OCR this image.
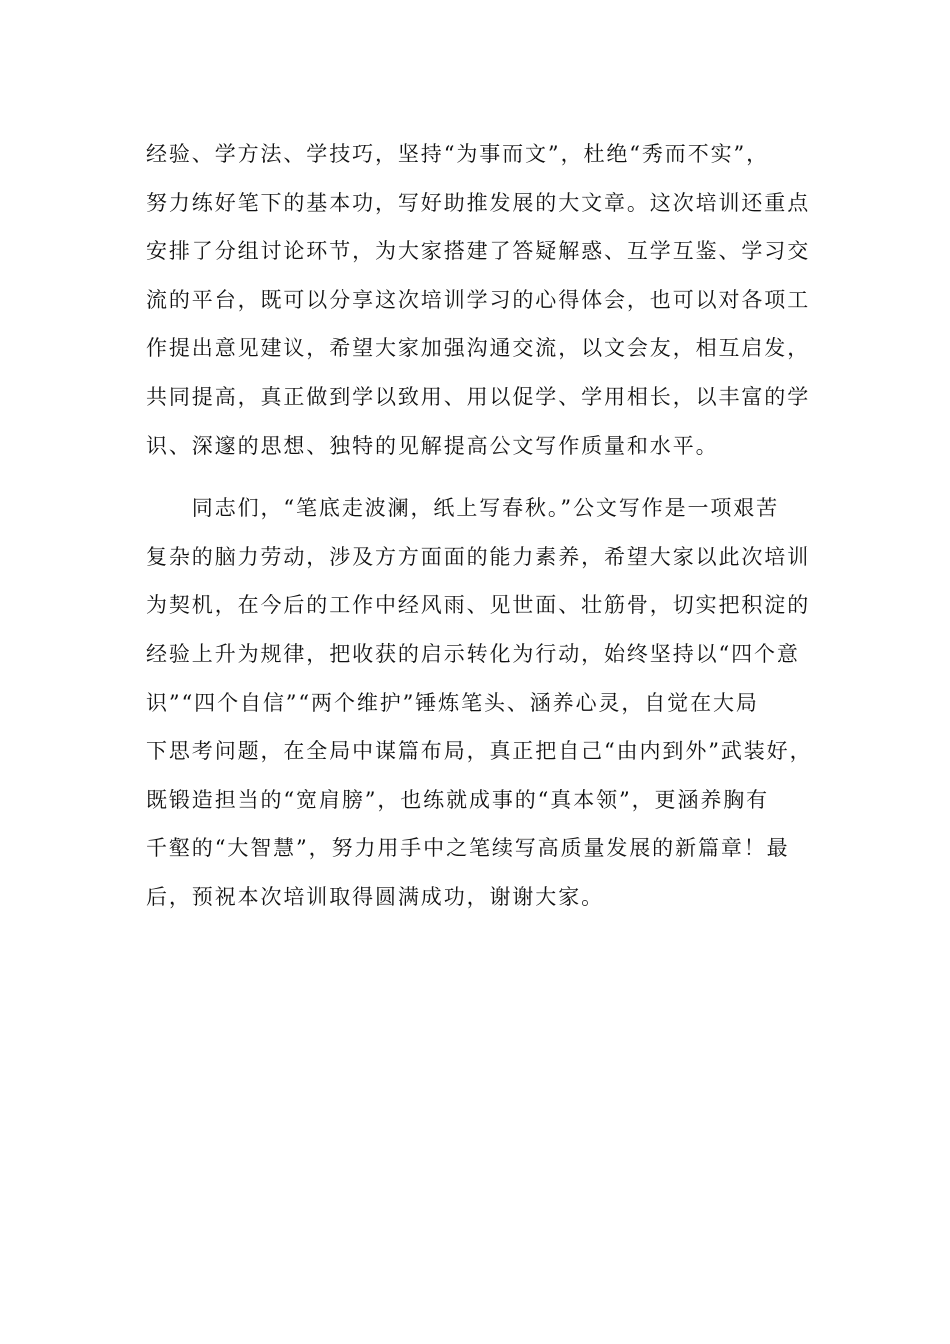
经验、学方法、学技巧，坚持“为事而文”，杜绝“秀而不实”，
努力练好笔下的基本功，写好助推发展的大文章。这次培训还重点
安排了分组讨论环节，为大家搭建了答疑解惑、互学互鉴、学习交
流的平台，既可以分享这次培训学习的心得体会，也可以对各项工
作提出意见建议，希望大家加强沟通交流，以文会友，相互启发，
共同提高，真正做到学以致用、用以促学、学用相长，以丰富的学
识、深邃的思想、独特的见解提高公文写作质量和水平。
　　同志们，“笔底走波澜，纸上写春秋。”公文写作是一项艰苦
复杂的脑力劳动，涉及方方面面的能力素养，希望大家以此次培训
为契机，在今后的工作中经风雨、见世面、壮筋骨，切实把积淀的
经验上升为规律，把收获的启示转化为行动，始终坚持以“四个意
识”“四个自信”“两个维护”锤炼笔头、涵养心灵，自觉在大局
下思考问题，在全局中谋篇布局，真正把自己“由内到外”武装好，
既锻造担当的“宽肩膀”，也练就成事的“真本领”，更涵养胸有
千壑的“大智慧”，努力用手中之笔续写高质量发展的新篇章！最
后，预祝本次培训取得圆满成功，谢谢大家。
